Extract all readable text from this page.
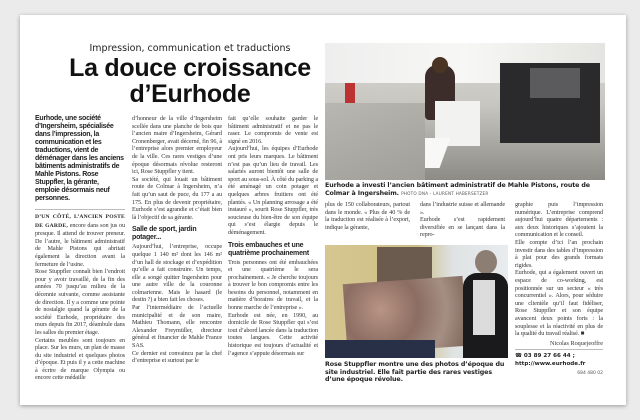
Impression, communication et traductions
La douce croissance
d’Eurhode
Eurhode, une société d’Ingersheim, spécialisée dans l’impression, la communication et les traductions, vient de déménager dans les anciens bâtiments administratifs de Mahle Pistons. Rose Stuppfler, la gérante, emploie désormais neuf personnes.

D’UN CÔTÉ, L’ANCIEN POSTE DE GARDE, encore dans son jus ou presque. Il attend de trouver preneur. De l’autre, le bâtiment administratif de Mahle Pistons qui abritait également la direction avant la fermeture de l’usine.

Rose Stuppfler connaît bien l’endroit pour y avoir travaillé, de la fin des années 70 jusqu’au milieu de la décennie suivante, comme assistante de direction. Il y a comme une pointe de nostalgie quand la gérante de la société Eurhode, propriétaire des murs depuis fin 2017, déambule dans les salles du premier étage.

Certains meubles sont toujours en place. Sur les murs, un plan de masse du site industriel et quelques photos d’époque. Et puis il y a cette machine à écrire de marque Olympia ou encore cette médaille

d’honneur de la ville d’Ingersheim scellée dans une planche de bois que l’ancien maire d’Ingersheim, Gérard Cronenberger, avait décerné, fin 96, à l’entreprise alors premier employeur de la ville. Ces rares vestiges d’une époque désormais révolue resteront ici, Rose Stuppfler y tient.

Sa société, qui louait un bâtiment route de Colmar à Ingersheim, n’a fait qu’un saut de puce, du 177 a au 175. En plus de devenir propriétaire, Eurhode s’est agrandie et c’était bien là l’objectif de sa gérante.

Salle de sport, jardin potager...

Aujourd’hui, l’entreprise, occupe quelque 1 140 m² dont les 146 m² d’un hall de stockage et d’expédition qu’elle a fait construire. Un temps, elle a songé quitter Ingersheim pour une autre ville de la couronne colmarienne. Mais le hasard (le destin ?) a bien fait les choses.

Par l’intermédiaire de l’actuelle municipalité et de son maire, Mathieu Thomann, elle rencontre Alexander Freymüller, directeur général et financier de Mahle France SAS.

Ce dernier est convaincu par la chef d’entreprise et surtout par le

fait qu’elle souhaite garder le bâtiment administratif et ne pas le raser. Le compromis de vente est signé en 2016.

Aujourd’hui, les équipes d’Eurhode ont pris leurs marques. Le bâtiment n’est pas qu’un lieu de travail. Les salariés auront bientôt une salle de sport au sous-sol. À côté du parking a été aménagé un coin potager et quelques arbres fruitiers ont été plantés. « Un planning arrosage a été instauré », sourit Rose Stuppfler, très soucieuse du bien-être de son équipe qui s’est élargie depuis le déménagement.

Trois embauches et une quatrième prochainement

Trois personnes ont été embauchées et une quatrième le sera prochainement. « Je cherche toujours à trouver le bon compromis entre les besoins du personnel, notamment en matière d’horaires de travail, et la bonne marche de l’entreprise ».

Eurhode est née, en 1990, au domicile de Rose Stuppfler qui s’est tout d’abord lancée dans la traduction toutes langues. Cette activité historique est toujours d’actualité et l’agence s’appuie désormais sur

Eurhode a investi l’ancien bâtiment administratif de Mahle Pistons, route de Colmar à Ingersheim. PHOTO DNA - LAURENT HABERSETZER

plus de 150 collaborateurs, partout dans le monde. « Plus de 40 % de la traduction est réalisée à l’export, indique la gérante,

dans l’industrie suisse et allemande ».

Eurhode s’est rapidement diversifiée en se lançant dans la repro-

graphie puis l’impression numérique. L’entreprise comprend aujourd’hui quatre départements : aux deux historiques s’ajoutent la communication et le conseil.

Elle compte d’ici l’an prochain investir dans des tables d’impression à plat pour des grands formats rigides.

Eurhode, qui a également ouvert un espace de co-working, est positionnée sur un secteur « très concurrentiel ». Alors, pour séduire une clientèle qu’il faut fidéliser, Rose Stuppfler et son équipe avancent deux points forts : la souplesse et la réactivité en plus de la qualité du travail réalisé. ■

Nicolas Roquejeoffre
☎ 03 89 27 66 44 ;
http://www.eurhode.fr
684 480 02
Rose Stuppfler montre une des photos d’époque du site industriel. Elle fait partie des rares vestiges d’une époque révolue.
